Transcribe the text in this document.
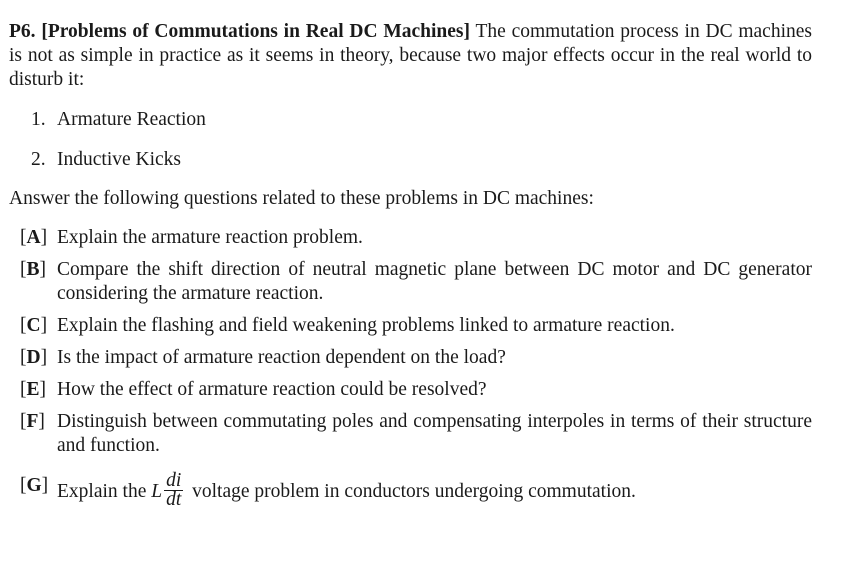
P6. [Problems of Commutations in Real DC Machines] The commutation process in DC machines is not as simple in practice as it seems in theory, because two major effects occur in the real world to disturb it:

1. Armature Reaction
2. Inductive Kicks

Answer the following questions related to these problems in DC machines:

[A] Explain the armature reaction problem.
[B] Compare the shift direction of neutral magnetic plane between DC motor and DC generator considering the armature reaction.
[C] Explain the flashing and field weakening problems linked to armature reaction.
[D] Is the impact of armature reaction dependent on the load?
[E] How the effect of armature reaction could be resolved?
[F] Distinguish between commutating poles and compensating interpoles in terms of their structure and function.
[G] Explain the L $\frac{di}{dt}$ voltage problem in conductors undergoing commutation.
